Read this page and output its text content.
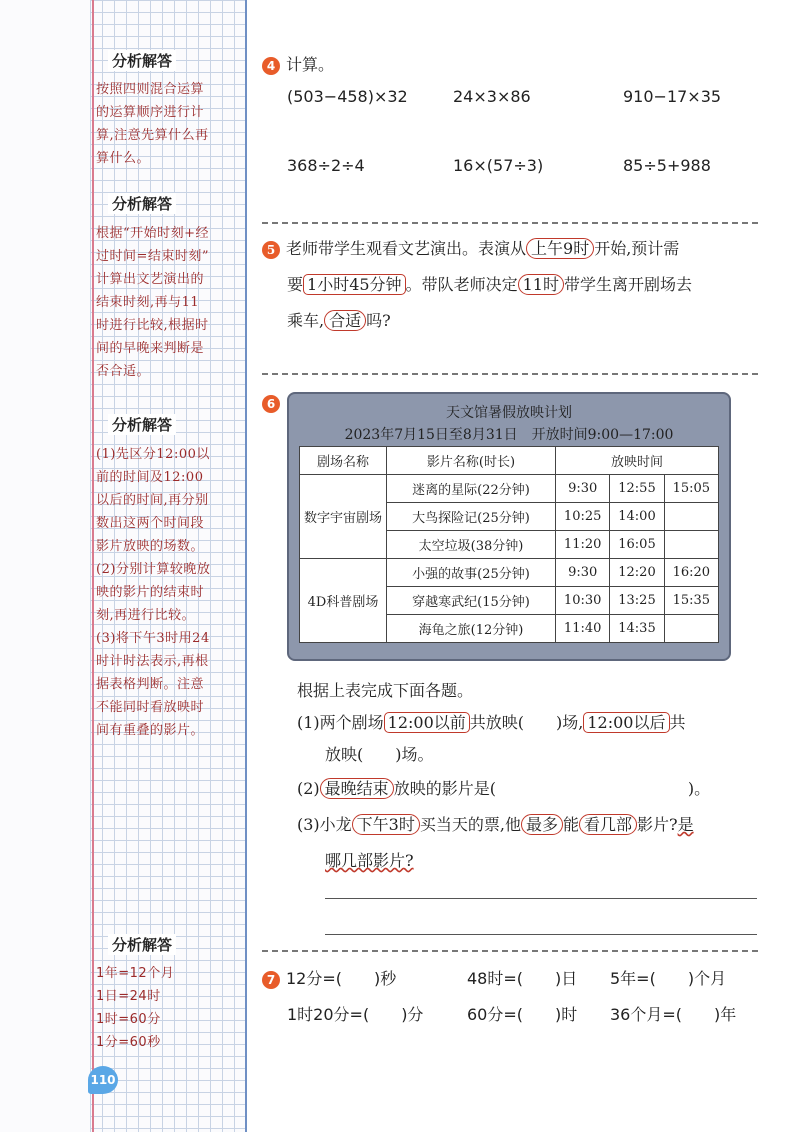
分析解答
按照四则混合运算
的运算顺序进行计
算,注意先算什么再
算什么。
分析解答
根据“开始时刻+经
过时间=结束时刻”
计算出文艺演出的
结束时刻,再与11
时进行比较,根据时
间的早晚来判断是
否合适。
分析解答
(1)先区分12:00以
前的时间及12:00
以后的时间,再分别
数出这两个时间段
影片放映的场数。
(2)分别计算较晚放
映的影片的结束时
刻,再进行比较。
(3)将下午3时用24
时计时法表示,再根
据表格判断。注意
不能同时看放映时
间有重叠的影片。
分析解答
1年=12个月
1日=24时
1时=60分
1分=60秒
110
4 计算。
(503−458)×32	24×3×86	910−17×35
368÷2÷4	16×(57÷3)	85÷5+988
5 老师带学生观看文艺演出。表演从 上午9时 开始,预计需
要 1小时45分钟 。带队老师决定 11时 带学生离开剧场去
乘车, 合适 吗?
6
天文馆暑假放映计划
2023年7月15日至8月31日　开放时间9:00—17:00
剧场名称	影片名称(时长)	放映时间		
数字宇宙剧场	迷离的星际(22分钟)	9:30	12:55	15:05
	大鸟探险记(25分钟)	10:25	14:00	
	太空垃圾(38分钟)	11:20	16:05	
4D科普剧场	小强的故事(25分钟)	9:30	12:20	16:20
	穿越寒武纪(15分钟)	10:30	13:25	15:35
	海龟之旅(12分钟)	11:40	14:35	
根据上表完成下面各题。
(1)两个剧场 12:00以前 共放映(　　)场, 12:00以后 共
放映(　　)场。
(2) 最晚结束 放映的影片是(　　　　　　　　　　　　)。
(3)小龙 下午3时 买当天的票,他 最多 能 看几部 影片?是
哪几部影片?
7 12分=(　　)秒	48时=(　　)日 5年=(　　)个月
1时20分=(　　)分	60分=(　　)时 36个月=(　　)年
